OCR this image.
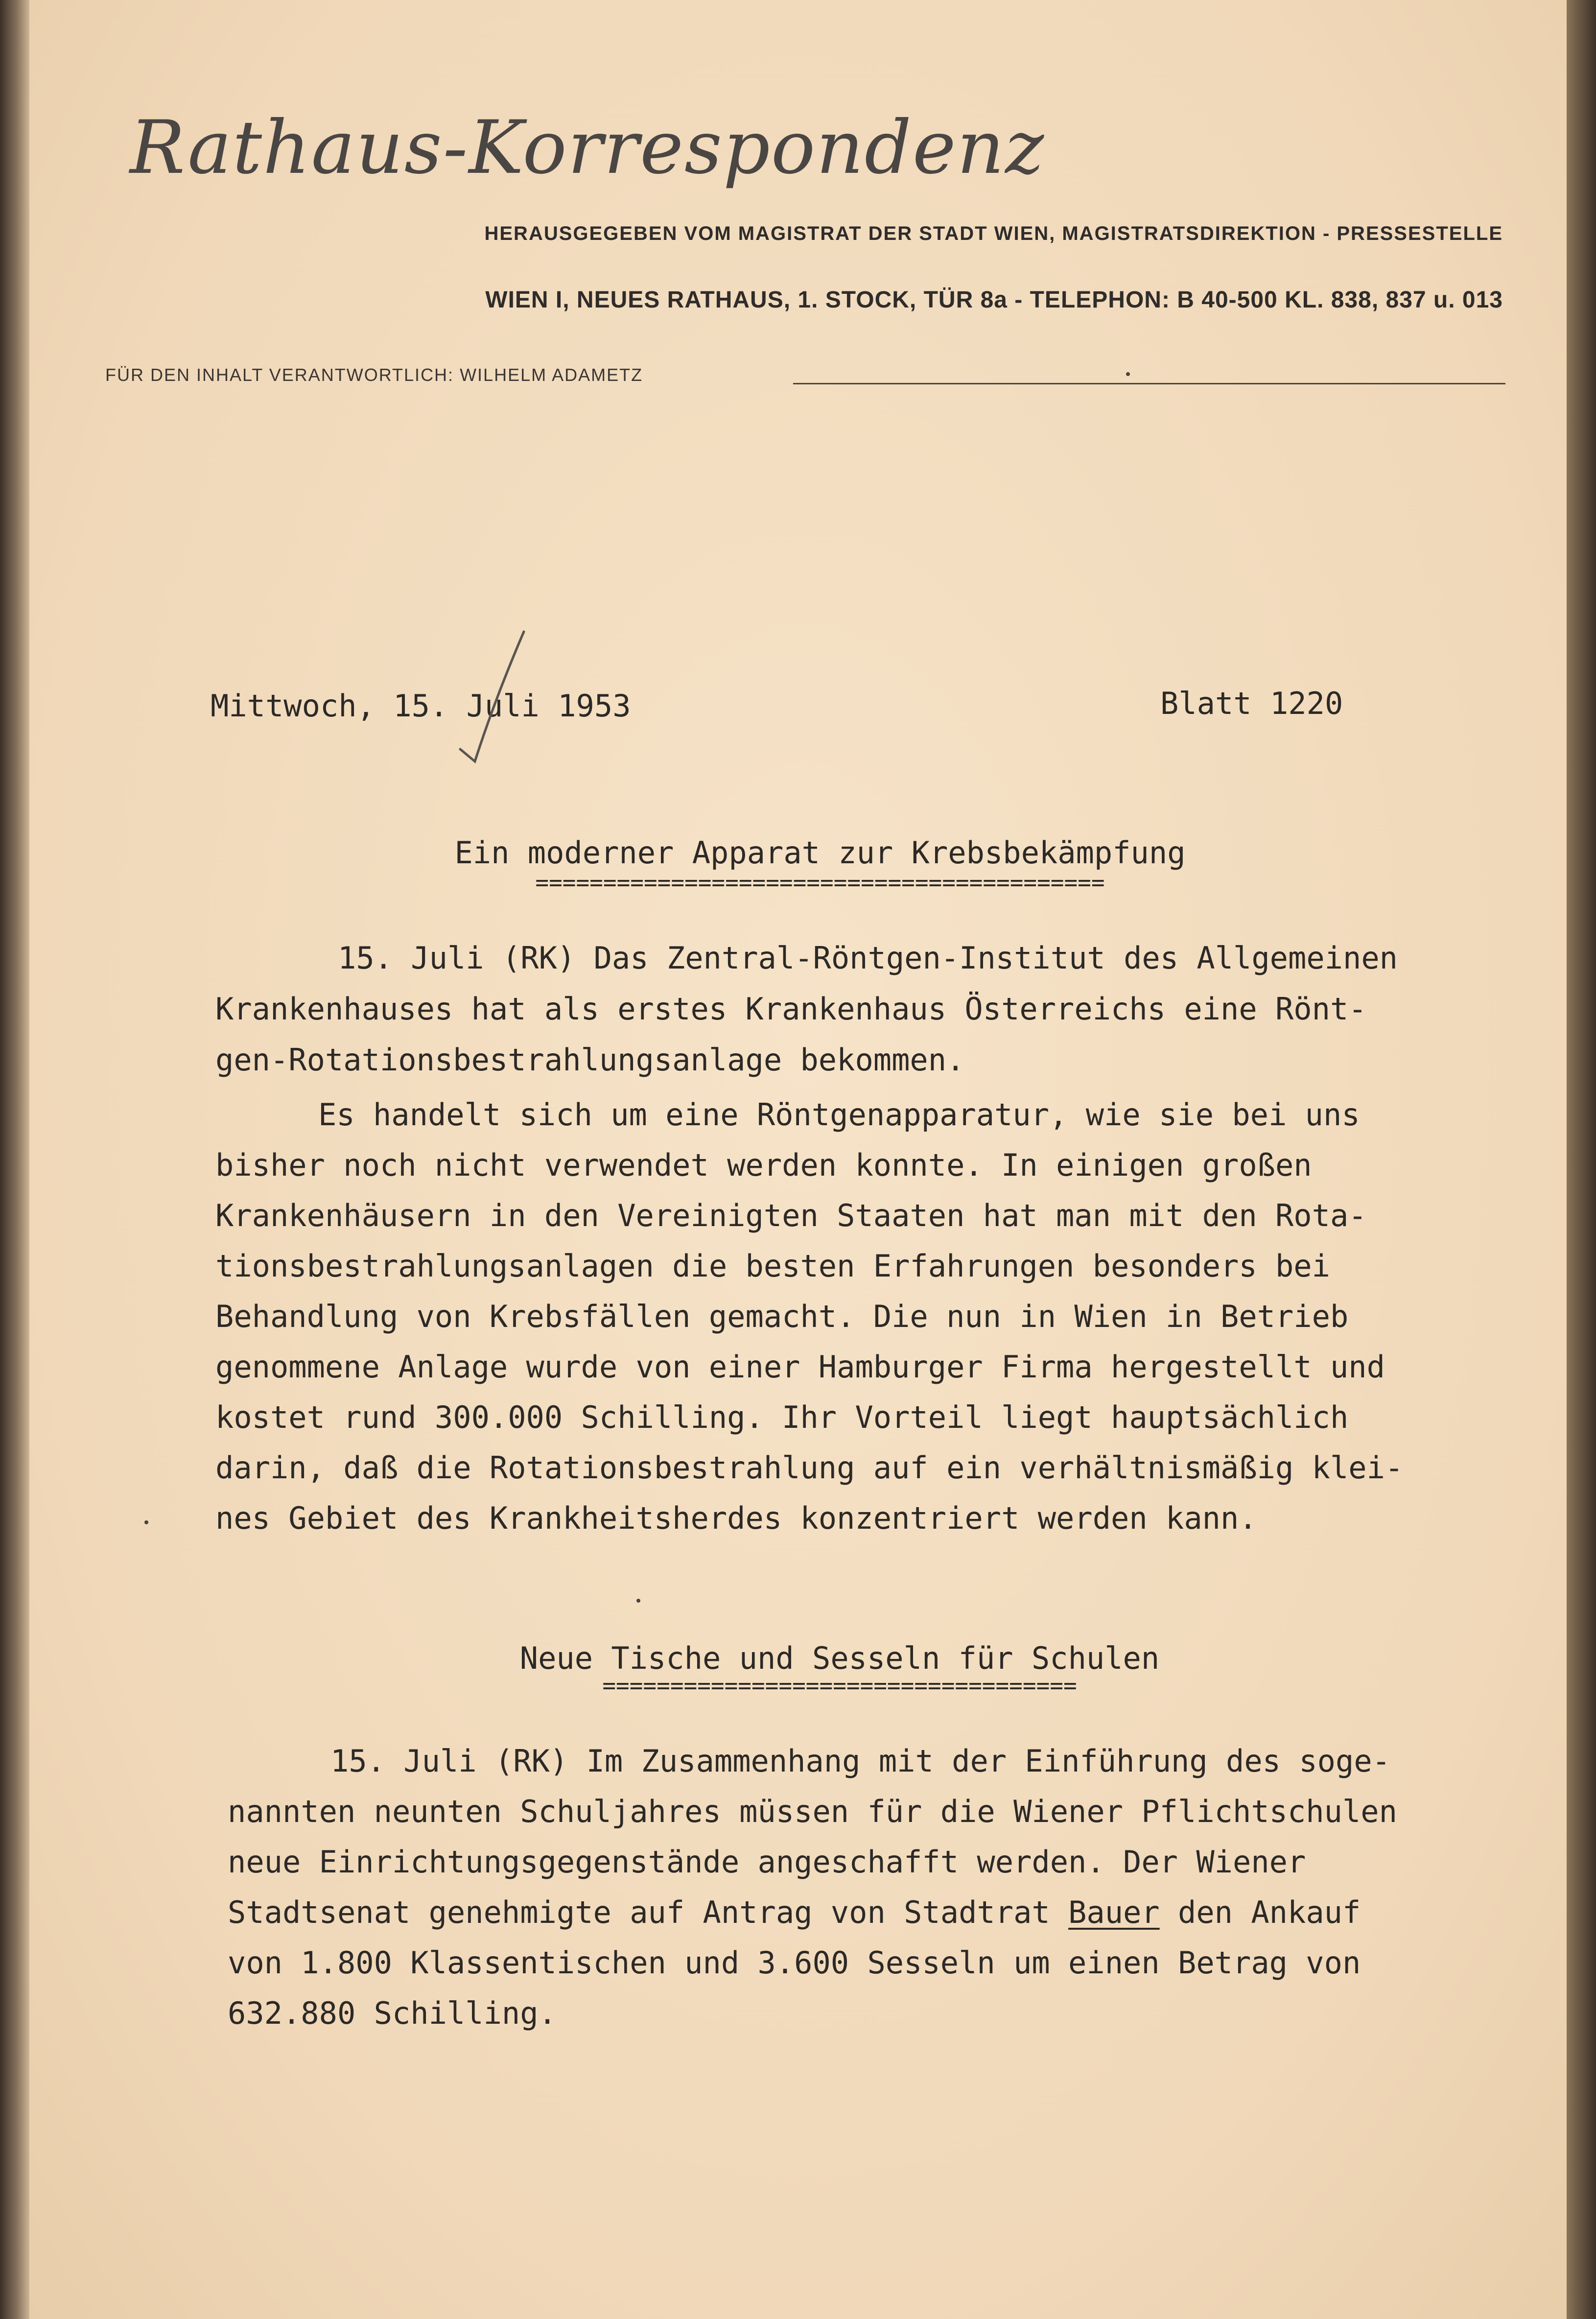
Rathaus-Korrespondenz
HERAUSGEGEBEN VOM MAGISTRAT DER STADT WIEN, MAGISTRATSDIREKTION - PRESSESTELLE
WIEN I, NEUES RATHAUS, 1. STOCK, TÜR 8a - TELEPHON: B 40-500 KL. 838, 837 u. 013
FÜR DEN INHALT VERANTWORTLICH: WILHELM ADAMETZ
Mittwoch, 15. Juli 1953	Blatt 1220
Ein moderner Apparat zur Krebsbekämpfung
==========================================
15. Juli (RK) Das Zentral-Röntgen-Institut des Allgemeinen
Krankenhauses hat als erstes Krankenhaus Österreichs eine Rönt-
gen-Rotationsbestrahlungsanlage bekommen.
Es handelt sich um eine Röntgenapparatur, wie sie bei uns
bisher noch nicht verwendet werden konnte. In einigen großen
Krankenhäusern in den Vereinigten Staaten hat man mit den Rota-
tionsbestrahlungsanlagen die besten Erfahrungen besonders bei
Behandlung von Krebsfällen gemacht. Die nun in Wien in Betrieb
genommene Anlage wurde von einer Hamburger Firma hergestellt und
kostet rund 300.000 Schilling. Ihr Vorteil liegt hauptsächlich
darin, daß die Rotationsbestrahlung auf ein verhältnismäßig klei-
nes Gebiet des Krankheitsherdes konzentriert werden kann.
Neue Tische und Sesseln für Schulen
===================================
15. Juli (RK) Im Zusammenhang mit der Einführung des soge-
nannten neunten Schuljahres müssen für die Wiener Pflichtschulen
neue Einrichtungsgegenstände angeschafft werden. Der Wiener
Stadtsenat genehmigte auf Antrag von Stadtrat Bauer den Ankauf
von 1.800 Klassentischen und 3.600 Sesseln um einen Betrag von
632.880 Schilling.
